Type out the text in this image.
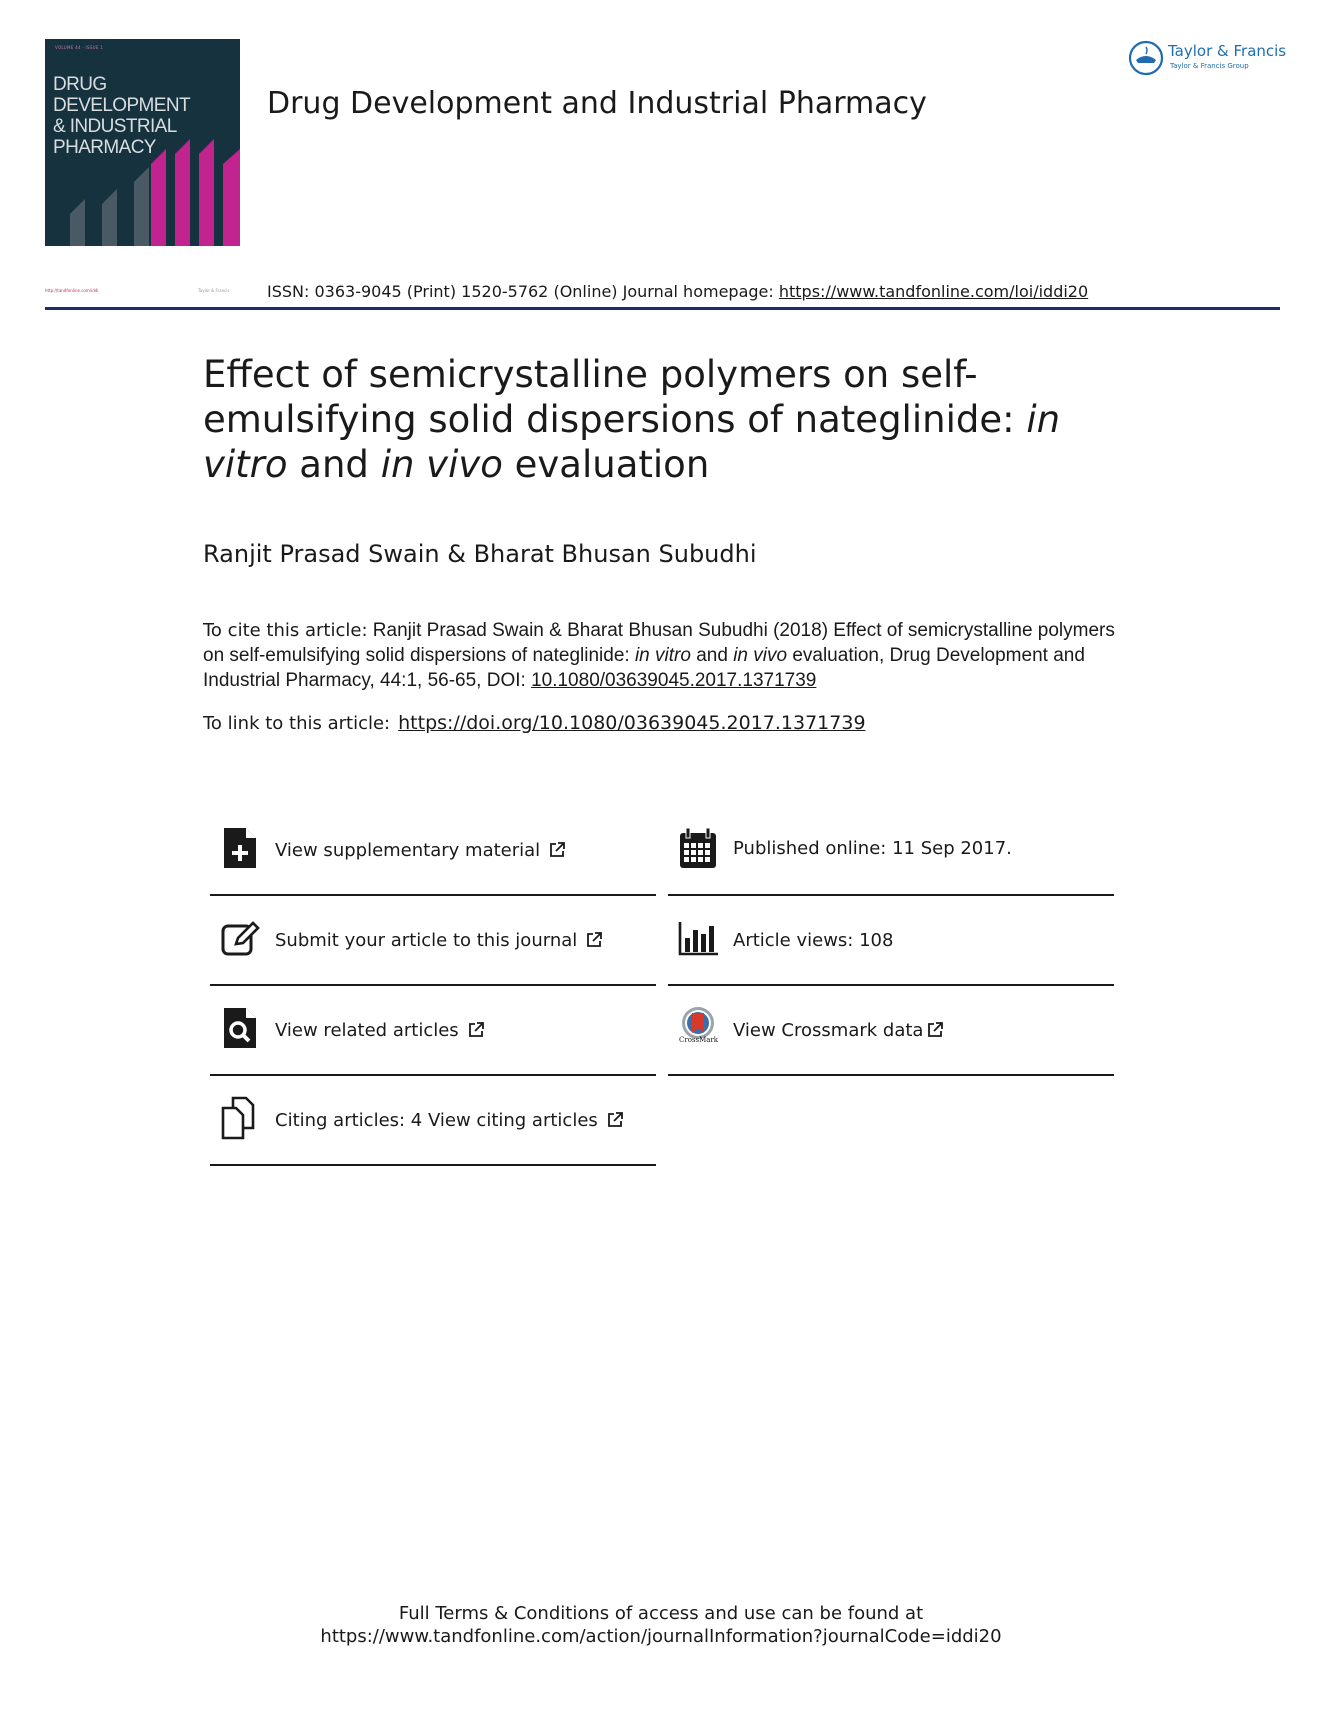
VOLUME 44 · ISSUE 1
DRUG DEVELOPMENT
& INDUSTRIAL
PHARMACY
Drug Development and Industrial Pharmacy
Taylor & Francis
Taylor & Francis Group
http://tandfonline.com/iddi	Taylor & Francis ISSN: 0363-9045 (Print) 1520-5762 (Online) Journal homepage: https://www.tandfonline.com/loi/iddi20
Effect of semicrystalline polymers on self-emulsifying solid dispersions of nateglinide: in vitro and in vivo evaluation
Ranjit Prasad Swain & Bharat Bhusan Subudhi
To cite this article: Ranjit Prasad Swain & Bharat Bhusan Subudhi (2018) Effect of semicrystalline polymers on self-emulsifying solid dispersions of nateglinide: in vitro and in vivo evaluation, Drug Development and Industrial Pharmacy, 44:1, 56-65, DOI: 10.1080/03639045.2017.1371739
To link to this article: https://doi.org/10.1080/03639045.2017.1371739
View supplementary material
Submit your article to this journal
View related articles
Citing articles: 4 View citing articles
Published online: 11 Sep 2017.
Article views: 108
CrossMark View Crossmark data
Full Terms & Conditions of access and use can be found at
https://www.tandfonline.com/action/journalInformation?journalCode=iddi20
